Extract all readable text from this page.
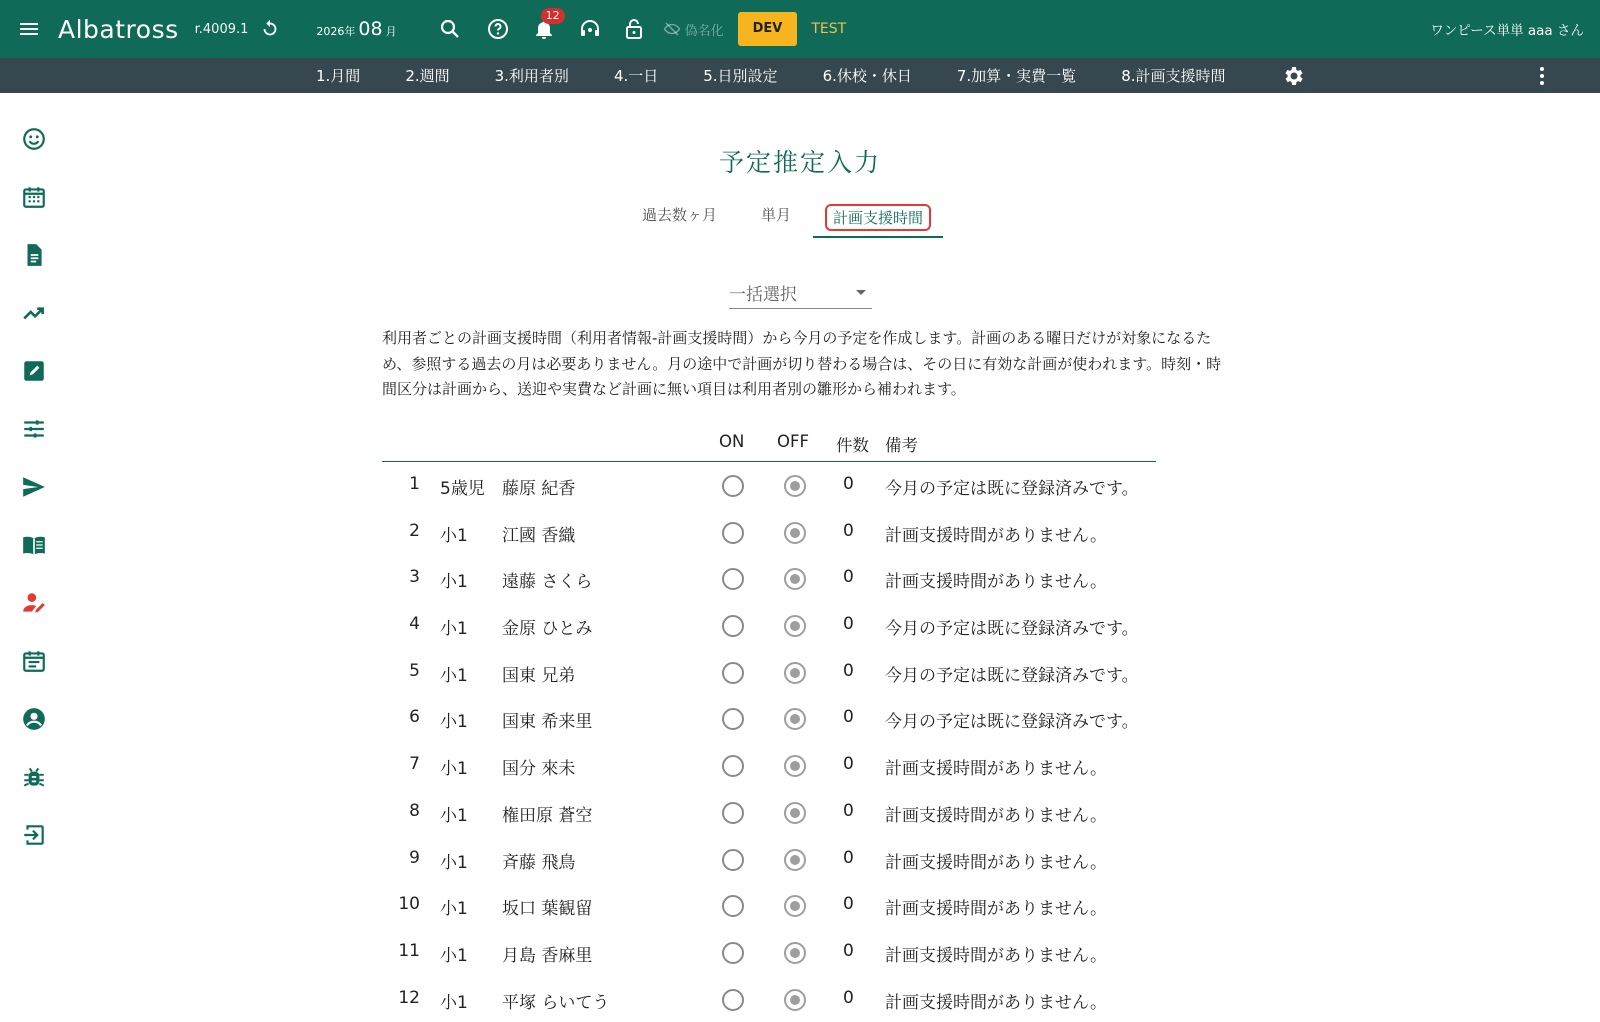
Albatross r.4009.1	2026年 08 月
12
偽名化	DEV	TEST	ワンピース単単 aaa さん
1.月間	2.週間	3.利用者別	4.一日	5.日別設定	6.休校・休日	7.加算・実費一覧	8.計画支援時間
予定推定入力
過去数ヶ月	単月	計画支援時間
一括選択
利用者ごとの計画支援時間（利用者情報-計画支援時間）から今月の予定を作成します。計画のある曜日だけが対象になるため、参照する過去の月は必要ありません。月の途中で計画が切り替わる場合は、その日に有効な計画が使われます。時刻・時間区分は計画から、送迎や実費など計画に無い項目は利用者別の雛形から補われます。
ON OFF 件数 備考
1 5歳児 藤原 紀香	0 今月の予定は既に登録済みです。
2 小1 江國 香織	0 計画支援時間がありません。
3 小1 遠藤 さくら	0 計画支援時間がありません。
4 小1 金原 ひとみ	0 今月の予定は既に登録済みです。
5 小1 国東 兄弟	0 今月の予定は既に登録済みです。
6 小1 国東 希来里	0 今月の予定は既に登録済みです。
7 小1 国分 來未	0 計画支援時間がありません。
8 小1 権田原 蒼空	0 計画支援時間がありません。
9 小1 斉藤 飛鳥	0 計画支援時間がありません。
10 小1 坂口 葉観留	0 計画支援時間がありません。
11 小1 月島 香麻里	0 計画支援時間がありません。
12 小1 平塚 らいてう	0 計画支援時間がありません。
